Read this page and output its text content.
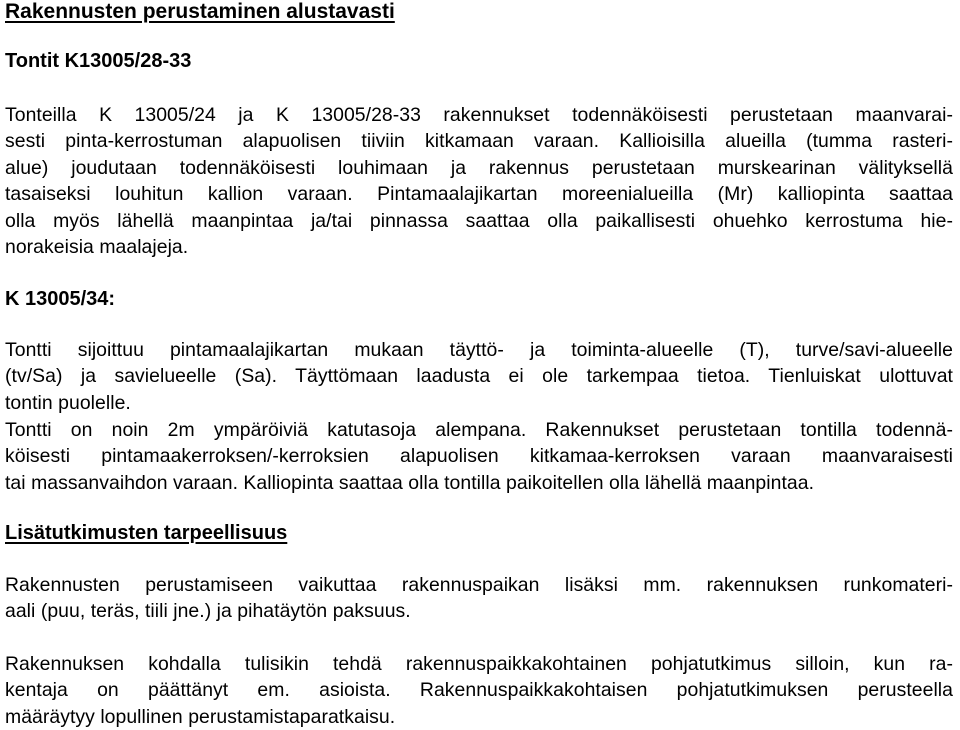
Rakennusten perustaminen alustavasti
Tontit K13005/28-33
Tonteilla K 13005/24 ja K 13005/28-33 rakennukset todennäköisesti perustetaan maanvarai-
sesti pinta-kerrostuman alapuolisen tiiviin kitkamaan varaan. Kallioisilla alueilla (tumma rasteri-
alue) joudutaan todennäköisesti louhimaan ja rakennus perustetaan murskearinan välityksellä
tasaiseksi louhitun kallion varaan. Pintamaalajikartan moreenialueilla (Mr) kalliopinta saattaa
olla myös lähellä maanpintaa ja/tai pinnassa saattaa olla paikallisesti ohuehko kerrostuma hie-
norakeisia maalajeja.
K 13005/34:
Tontti sijoittuu pintamaalajikartan mukaan täyttö- ja toiminta-alueelle (T), turve/savi-alueelle
(tv/Sa) ja savielueelle (Sa). Täyttömaan laadusta ei ole tarkempaa tietoa. Tienluiskat ulottuvat
tontin puolelle.
Tontti on noin 2m ympäröiviä katutasoja alempana. Rakennukset perustetaan tontilla todennä-
köisesti pintamaakerroksen/-kerroksien alapuolisen kitkamaa-kerroksen varaan maanvaraisesti
tai massanvaihdon varaan. Kalliopinta saattaa olla tontilla paikoitellen olla lähellä maanpintaa.
Lisätutkimusten tarpeellisuus
Rakennusten perustamiseen vaikuttaa rakennuspaikan lisäksi mm. rakennuksen runkomateri-
aali (puu, teräs, tiili jne.) ja pihatäytön paksuus.
Rakennuksen kohdalla tulisikin tehdä rakennuspaikkakohtainen pohjatutkimus silloin, kun ra-
kentaja on päättänyt em. asioista. Rakennuspaikkakohtaisen pohjatutkimuksen perusteella
määräytyy lopullinen perustamistaparatkaisu.
